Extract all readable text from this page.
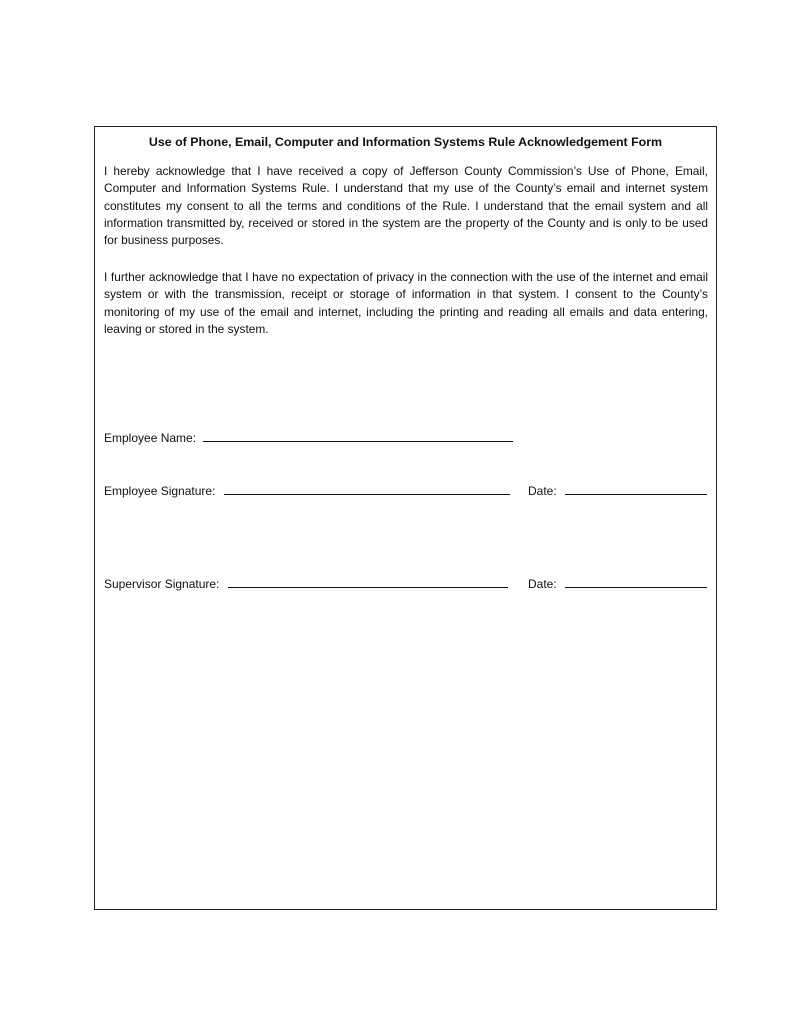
Use of Phone, Email, Computer and Information Systems Rule Acknowledgement Form

I hereby acknowledge that I have received a copy of Jefferson County Commission’s Use of Phone, Email, Computer and Information Systems Rule. I understand that my use of the County’s email and internet system constitutes my consent to all the terms and conditions of the Rule. I understand that the email system and all information transmitted by, received or stored in the system are the property of the County and is only to be used for business purposes.

I further acknowledge that I have no expectation of privacy in the connection with the use of the internet and email system or with the transmission, receipt or storage of information in that system. I consent to the County’s monitoring of my use of the email and internet, including the printing and reading all emails and data entering, leaving or stored in the system.

Employee Name:
Employee Signature:	Date:
Supervisor Signature:	Date:
